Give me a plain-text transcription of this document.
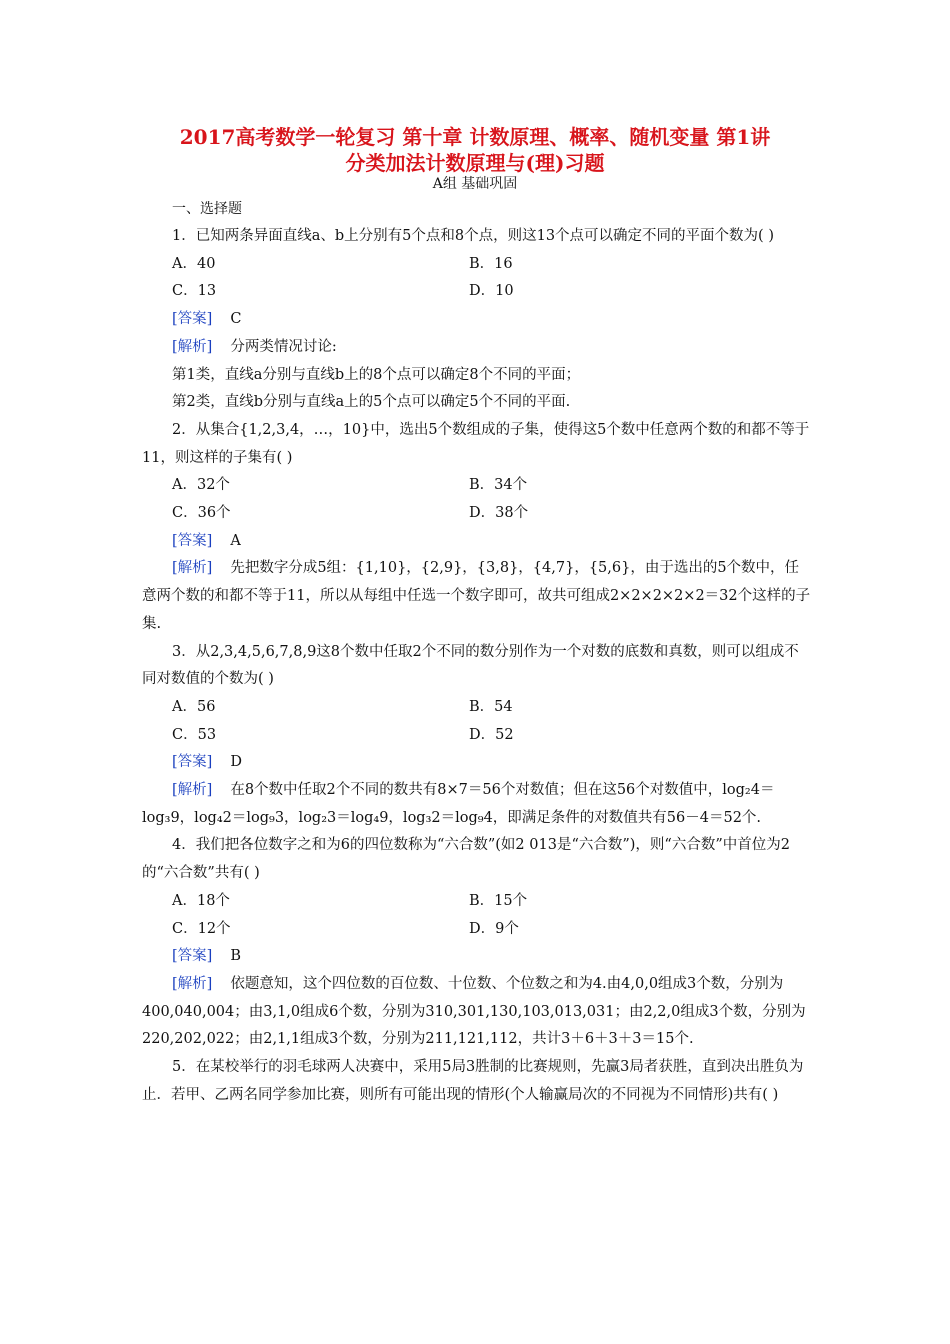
2017高考数学一轮复习 第十章 计数原理、概率、随机变量 第1讲
分类加法计数原理与(理)习题
A组 基础巩固
一、选择题

1．已知两条异面直线a、b上分别有5个点和8个点，则这13个点可以确定不同的平面个数为( )

A．40	B．16

C．13	D．10

[答案] C

[解析] 分两类情况讨论:

第1类，直线a分别与直线b上的8个点可以确定8个不同的平面；

第2类，直线b分别与直线a上的5个点可以确定5个不同的平面.

2．从集合{1,2,3,4，…，10}中，选出5个数组成的子集，使得这5个数中任意两个数的和都不等于11，则这样的子集有( )

A．32个	B．34个

C．36个	D．38个

[答案] A

[解析] 先把数字分成5组：{1,10}，{2,9}，{3,8}，{4,7}，{5,6}，由于选出的5个数中，任意两个数的和都不等于11，所以从每组中任选一个数字即可，故共可组成2×2×2×2×2＝32个这样的子集.

3．从2,3,4,5,6,7,8,9这8个数中任取2个不同的数分别作为一个对数的底数和真数，则可以组成不同对数值的个数为( )

A．56	B．54

C．53	D．52

[答案] D

[解析] 在8个数中任取2个不同的数共有8×7＝56个对数值；但在这56个对数值中，log₂4＝log₃9，log₄2＝log₉3，log₂3＝log₄9，log₃2＝log₉4，即满足条件的对数值共有56－4＝52个.

4．我们把各位数字之和为6的四位数称为“六合数”(如2 013是“六合数”)，则“六合数”中首位为2的“六合数”共有( )

A．18个	B．15个

C．12个	D．9个

[答案] B

[解析] 依题意知，这个四位数的百位数、十位数、个位数之和为4.由4,0,0组成3个数，分别为400,040,004；由3,1,0组成6个数，分别为310,301,130,103,013,031；由2,2,0组成3个数，分别为220,202,022；由2,1,1组成3个数，分别为211,121,112，共计3＋6＋3＋3＝15个.

5．在某校举行的羽毛球两人决赛中，采用5局3胜制的比赛规则，先赢3局者获胜，直到决出胜负为止．若甲、乙两名同学参加比赛，则所有可能出现的情形(个人输赢局次的不同视为不同情形)共有( )
